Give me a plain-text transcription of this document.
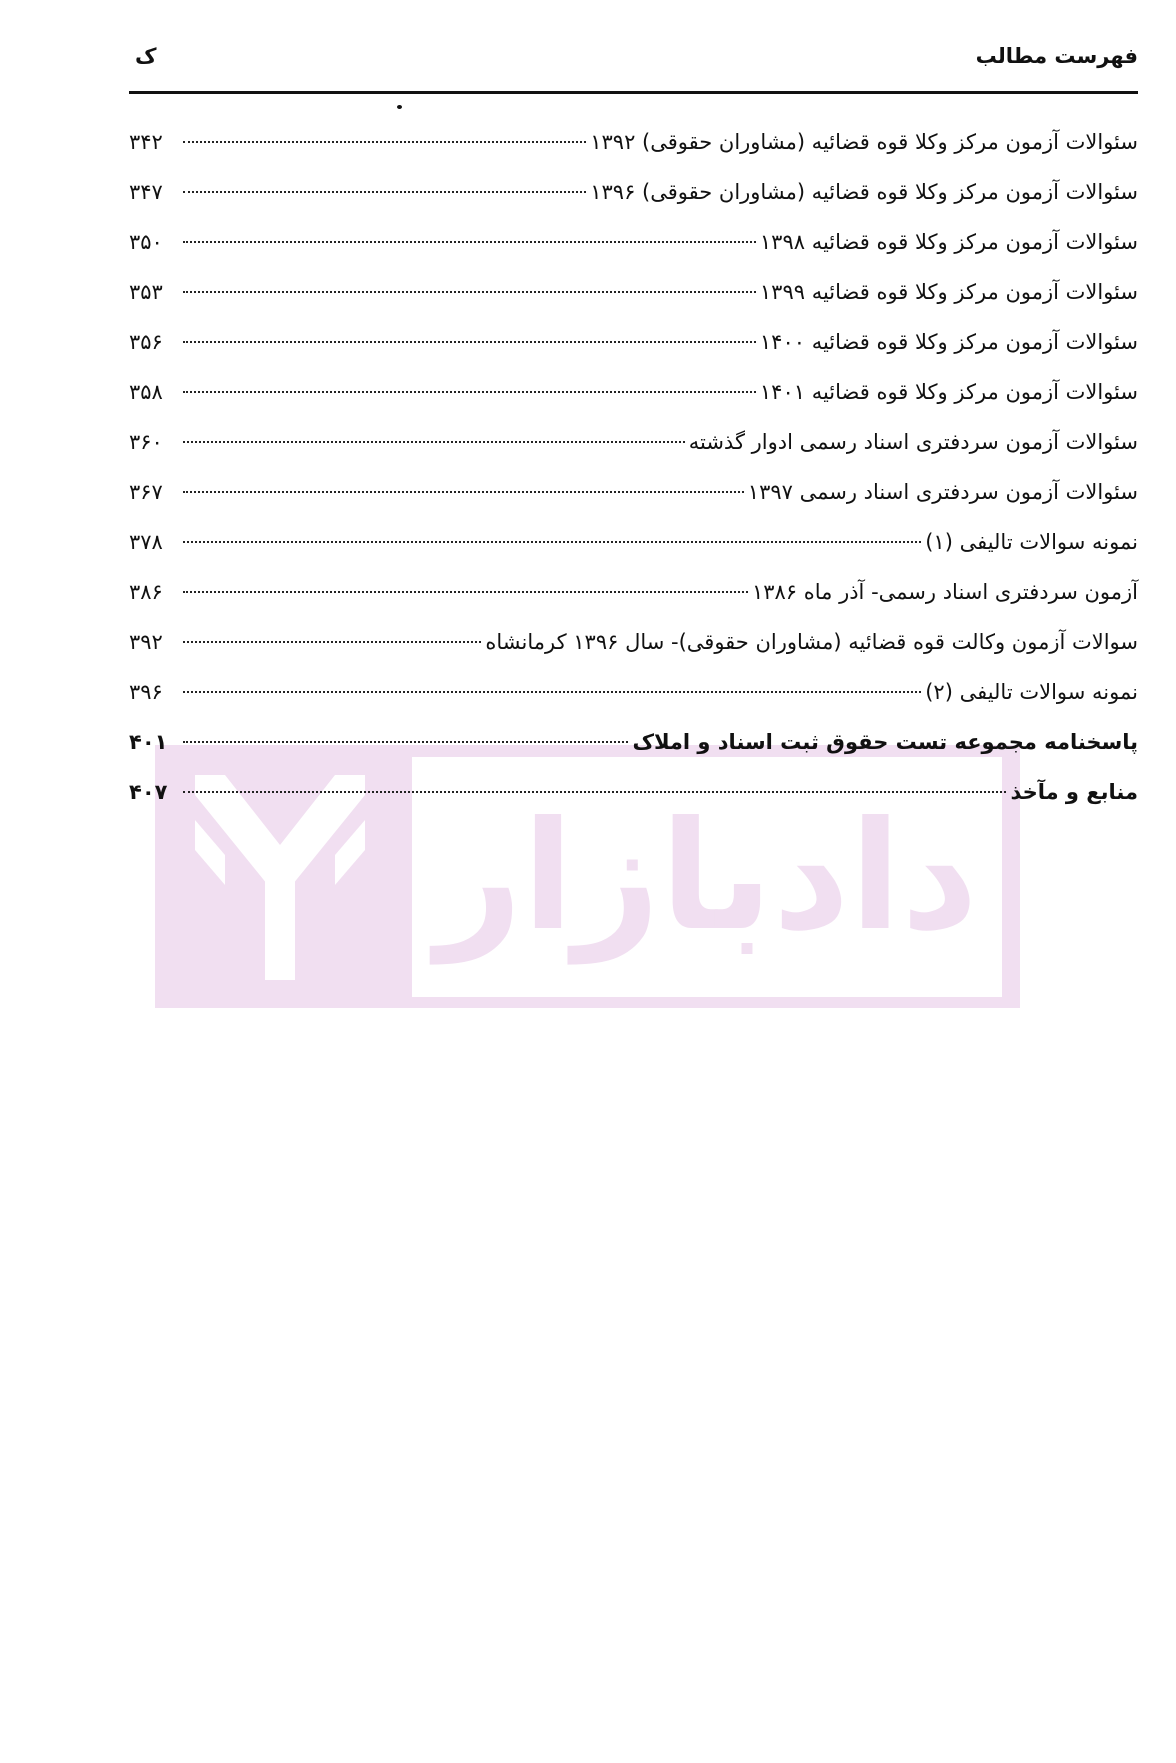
فهرست مطالب
ک
دادبازار
سئوالات آزمون مرکز وکلا قوه قضائیه (مشاوران حقوقی) ۱۳۹۲
۳۴۲
سئوالات آزمون مرکز وکلا قوه قضائیه (مشاوران حقوقی) ۱۳۹۶
۳۴۷
سئوالات آزمون مرکز وکلا قوه قضائیه ۱۳۹۸
۳۵۰
سئوالات آزمون مرکز وکلا قوه قضائیه ۱۳۹۹
۳۵۳
سئوالات آزمون مرکز وکلا قوه قضائیه ۱۴۰۰
۳۵۶
سئوالات آزمون مرکز وکلا قوه قضائیه ۱۴۰۱
۳۵۸
سئوالات آزمون سردفتری اسناد رسمی ادوار گذشته
۳۶۰
سئوالات آزمون سردفتری اسناد رسمی ۱۳۹۷
۳۶۷
نمونه سوالات تالیفی (۱)
۳۷۸
آزمون سردفتری اسناد رسمی- آذر ماه ۱۳۸۶
۳۸۶
سوالات آزمون وکالت قوه قضائیه (مشاوران حقوقی)- سال ۱۳۹۶ کرمانشاه
۳۹۲
نمونه سوالات تالیفی (۲)
۳۹۶
پاسخنامه مجموعه تست حقوق ثبت اسناد و املاک
۴۰۱
منابع و مآخذ
۴۰۷
